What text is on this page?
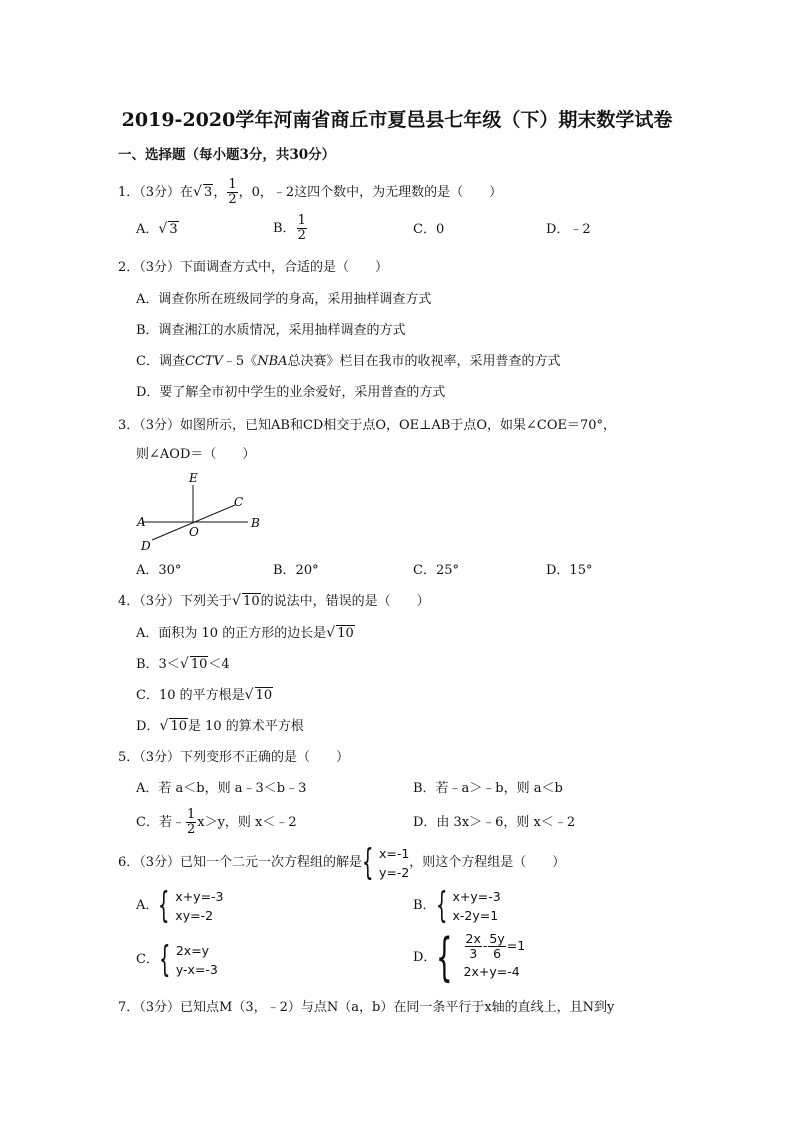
2019-2020学年河南省商丘市夏邑县七年级（下）期末数学试卷
一、选择题（每小题3分，共30分）
1．（3分）在 √ 3， $\frac{1}{2}$ ，0，﹣2这四个数中，为无理数的是（　　）
A． √ 3	B． $\frac{1}{2}$	C．0	D．﹣2
2．（3分）下面调查方式中，合适的是（　　）
A．调查你所在班级同学的身高，采用抽样调查方式
B．调查湘江的水质情况，采用抽样调查的方式
C．调查CCTV﹣5《NBA总决赛》栏目在我市的收视率，采用普查的方式
D．要了解全市初中学生的业余爱好，采用普查的方式
3．（3分）如图所示，已知AB和CD相交于点O，OE⊥AB于点O，如果∠COE＝70°，
则∠AOD＝（　　）
E
C
A
O
B
D
A．30°	B．20°	C．25°	D．15°
4．（3分）下列关于 √ 10的说法中，错误的是（　　）
A．面积为 10 的正方形的边长是 √ 10
B．3＜ √ 10＜4
C．10 的平方根是 √ 10
D． √ 10是 10 的算术平方根
5．（3分）下列变形不正确的是（　　）
A．若 a＜b，则 a﹣3＜b﹣3	B．若﹣a＞﹣b，则 a＜b
C．若﹣ $\frac{1}{2} x>y$，则 x＜﹣2	D．由 3x＞﹣6，则 x＜﹣2
6．（3分）已知一个二元一次方程组的解是 { x=-1
y=-2
，则这个方程组是（　　）
A． { x+y=-3
xy=-2
B． { x+y=-3
x-2y=1
C． { 2x=y
y-x=-3
D． { $\frac{2x}{3} - \frac{5y}{6} =1$
2x+y=-4
7．（3分）已知点M（3，﹣2）与点N（a，b）在同一条平行于x轴的直线上，且N到y
